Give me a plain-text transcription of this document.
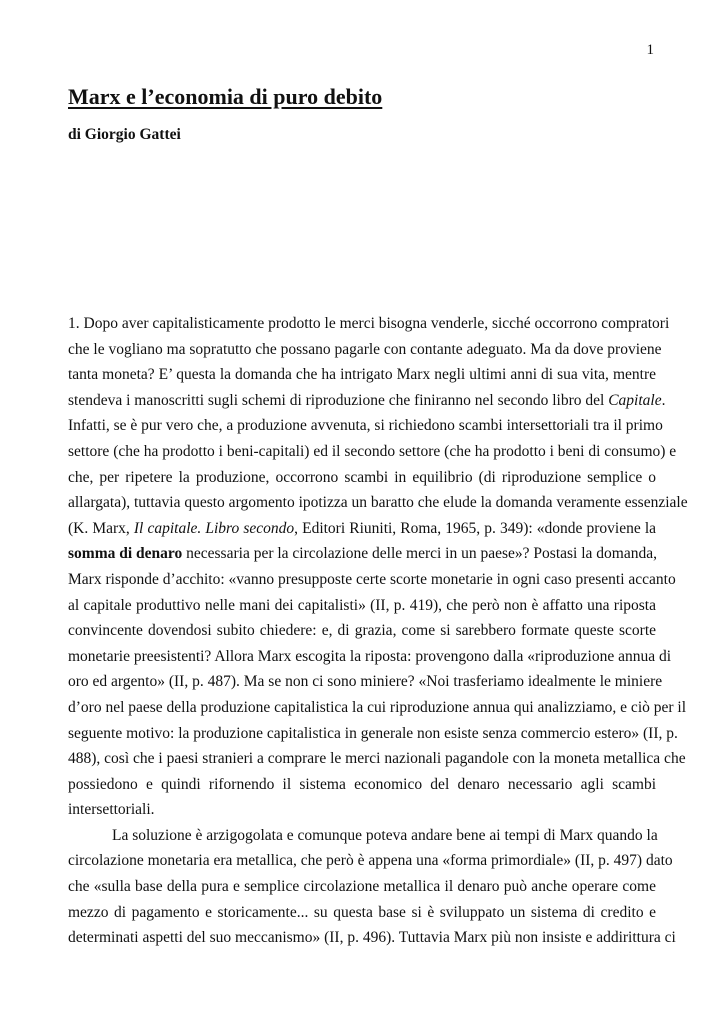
1
Marx e l’economia di puro debito

di Giorgio Gattei

1. Dopo aver capitalisticamente prodotto le merci bisogna venderle, sicché occorrono compratori
che le vogliano ma sopratutto che possano pagarle con contante adeguato. Ma da dove proviene
tanta moneta? E’ questa la domanda che ha intrigato Marx negli ultimi anni di sua vita, mentre
stendeva i manoscritti sugli schemi di riproduzione che finiranno nel secondo libro del Capitale.
Infatti, se è pur vero che, a produzione avvenuta, si richiedono scambi intersettoriali tra il primo
settore (che ha prodotto i beni-capitali) ed il secondo settore (che ha prodotto i beni di consumo) e
che, per ripetere la produzione, occorrono scambi in equilibrio (di riproduzione semplice o
allargata), tuttavia questo argomento ipotizza un baratto che elude la domanda veramente essenziale
(K. Marx, Il capitale. Libro secondo, Editori Riuniti, Roma, 1965, p. 349): «donde proviene la
somma di denaro necessaria per la circolazione delle merci in un paese»? Postasi la domanda,
Marx risponde d’acchito: «vanno presupposte certe scorte monetarie in ogni caso presenti accanto
al capitale produttivo nelle mani dei capitalisti» (II, p. 419), che però non è affatto una riposta
convincente dovendosi subito chiedere: e, di grazia, come si sarebbero formate queste scorte
monetarie preesistenti? Allora Marx escogita la riposta: provengono dalla «riproduzione annua di
oro ed argento» (II, p. 487). Ma se non ci sono miniere? «Noi trasferiamo idealmente le miniere
d’oro nel paese della produzione capitalistica la cui riproduzione annua qui analizziamo, e ciò per il
seguente motivo: la produzione capitalistica in generale non esiste senza commercio estero» (II, p.
488), così che i paesi stranieri a comprare le merci nazionali pagandole con la moneta metallica che
possiedono e quindi rifornendo il sistema economico del denaro necessario agli scambi
intersettoriali.
La soluzione è arzigogolata e comunque poteva andare bene ai tempi di Marx quando la
circolazione monetaria era metallica, che però è appena una «forma primordiale» (II, p. 497) dato
che «sulla base della pura e semplice circolazione metallica il denaro può anche operare come
mezzo di pagamento e storicamente... su questa base si è sviluppato un sistema di credito e
determinati aspetti del suo meccanismo» (II, p. 496). Tuttavia Marx più non insiste e addirittura ci
